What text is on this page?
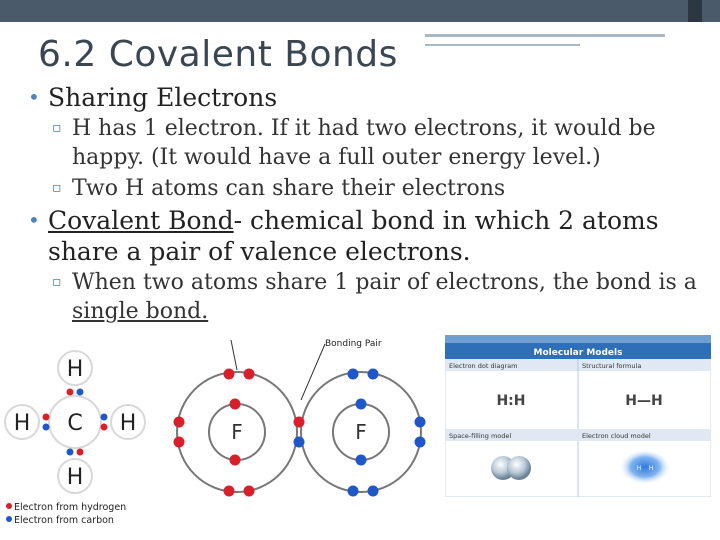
6.2 Covalent Bonds
• Sharing Electrons
▫ H has 1 electron. If it had two electrons, it would be
happy. (It would have a full outer energy level.)
▫ Two H atoms can share their electrons
• Covalent Bond- chemical bond in which 2 atoms
share a pair of valence electrons.
▫ When two atoms share 1 pair of electrons, the bond is a
single bond.
H
H C H
H
Electron from hydrogen
Electron from carbon
Bonding Pair
F	F
Molecular Models
Electron dot diagram	Structural formula
H:H	H—H
Space-filling model	Electron cloud model
H    H
